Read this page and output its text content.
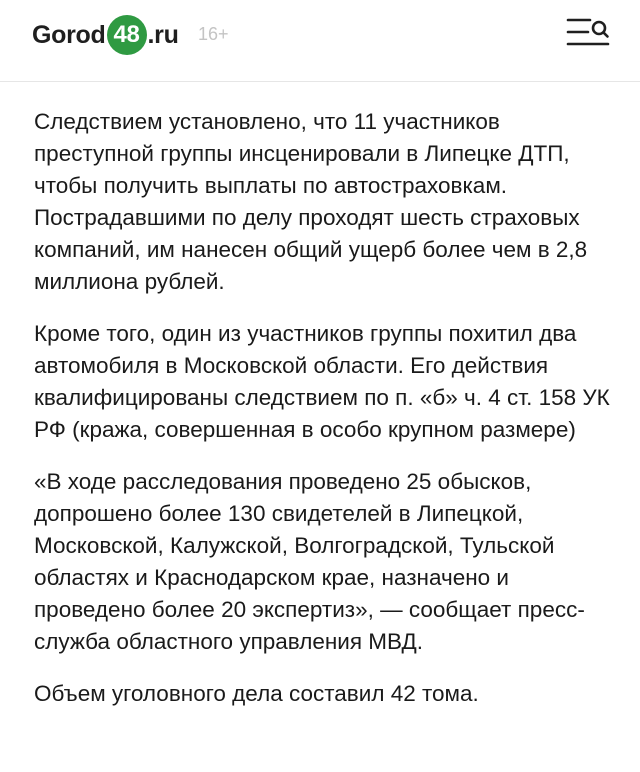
Gorod 48 .ru 16+

Следствием установлено, что 11 участников преступной группы инсценировали в Липецке ДТП, чтобы получить выплаты по автостраховкам. Пострадавшими по делу проходят шесть страховых компаний, им нанесен общий ущерб более чем в 2,8 миллиона рублей.

Кроме того, один из участников группы похитил два автомобиля в Московской области. Его действия квалифицированы следствием по п. «б» ч. 4 ст. 158 УК РФ (кража, совершенная в особо крупном размере)

«В ходе расследования проведено 25 обысков, допрошено более 130 свидетелей в Липецкой, Московской, Калужской, Волгоградской, Тульской областях и Краснодарском крае, назначено и проведено более 20 экспертиз», — сообщает пресс-служба областного управления МВД.

Объем уголовного дела составил 42 тома.
